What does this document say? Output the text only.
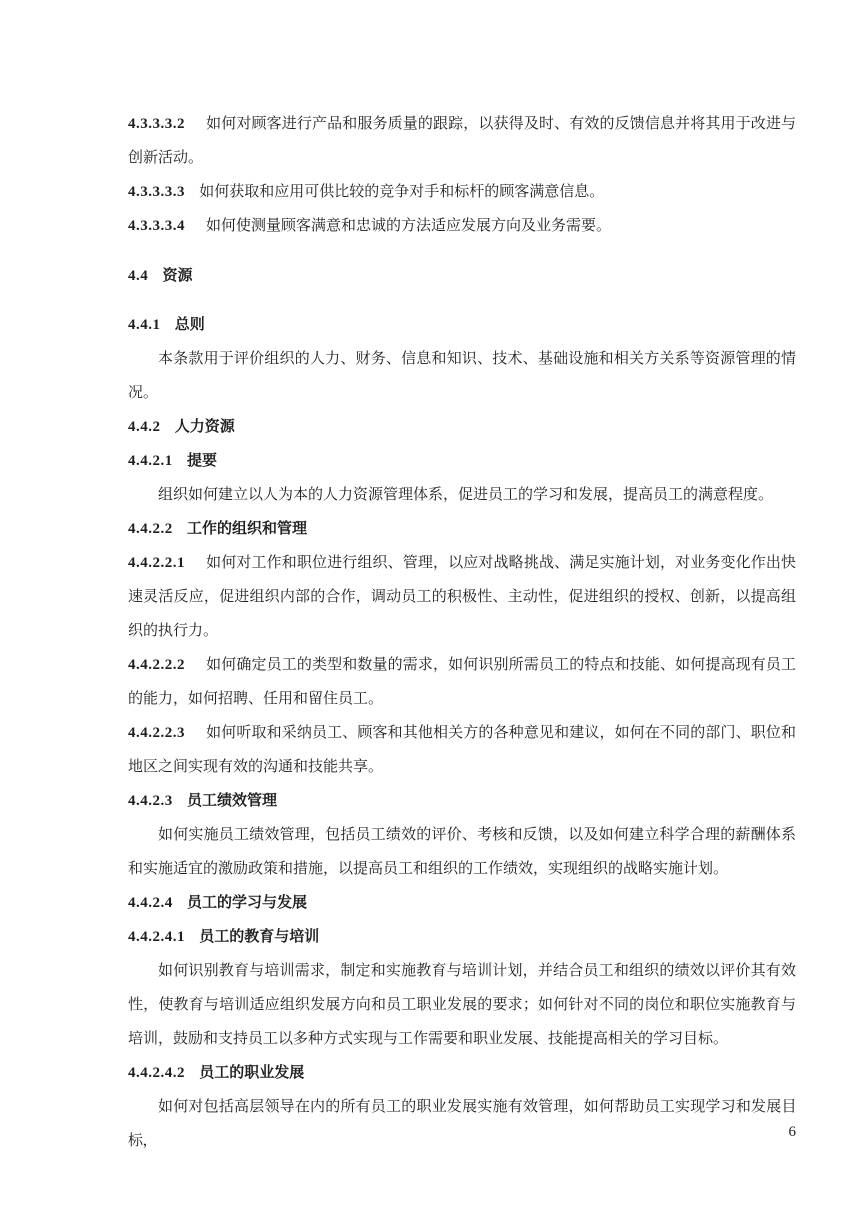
4.3.3.3.2 如何对顾客进行产品和服务质量的跟踪，以获得及时、有效的反馈信息并将其用于改进与创新活动。

4.3.3.3.3 如何获取和应用可供比较的竞争对手和标杆的顾客满意信息。

4.3.3.3.4 如何使测量顾客满意和忠诚的方法适应发展方向及业务需要。

4.4 资源

4.4.1 总则

本条款用于评价组织的人力、财务、信息和知识、技术、基础设施和相关方关系等资源管理的情况。

4.4.2 人力资源

4.4.2.1 提要

组织如何建立以人为本的人力资源管理体系，促进员工的学习和发展，提高员工的满意程度。

4.4.2.2 工作的组织和管理

4.4.2.2.1 如何对工作和职位进行组织、管理，以应对战略挑战、满足实施计划，对业务变化作出快速灵活反应，促进组织内部的合作，调动员工的积极性、主动性，促进组织的授权、创新，以提高组织的执行力。

4.4.2.2.2 如何确定员工的类型和数量的需求，如何识别所需员工的特点和技能、如何提高现有员工的能力，如何招聘、任用和留住员工。

4.4.2.2.3 如何听取和采纳员工、顾客和其他相关方的各种意见和建议，如何在不同的部门、职位和地区之间实现有效的沟通和技能共享。

4.4.2.3 员工绩效管理

如何实施员工绩效管理，包括员工绩效的评价、考核和反馈，以及如何建立科学合理的薪酬体系和实施适宜的激励政策和措施，以提高员工和组织的工作绩效，实现组织的战略实施计划。

4.4.2.4 员工的学习与发展

4.4.2.4.1 员工的教育与培训

如何识别教育与培训需求，制定和实施教育与培训计划，并结合员工和组织的绩效以评价其有效性，使教育与培训适应组织发展方向和员工职业发展的要求；如何针对不同的岗位和职位实施教育与培训，鼓励和支持员工以多种方式实现与工作需要和职业发展、技能提高相关的学习目标。

4.4.2.4.2 员工的职业发展

如何对包括高层领导在内的所有员工的职业发展实施有效管理，如何帮助员工实现学习和发展目标，

6
